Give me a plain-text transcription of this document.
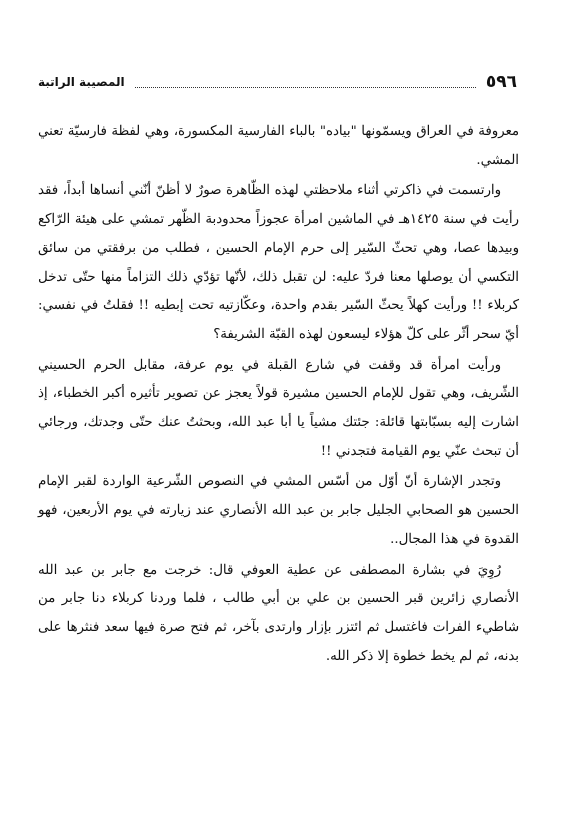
٥٩٦
المصيبة الراتبة

معروفة في العراق ويسمّونها "بياده" بالباء الفارسية المكسورة، وهي لفظة فارسيّة تعني المشي.

وارتسمت في ذاكرتي أثناء ملاحظتي لهذه الظّاهرة صورٌ لا أظنّ أنّني أنساها أبداً، فقد رأيت في سنة ١٤٢٥هـ في الماشين امرأة عجوزاً محدودبة الظّهر تمشي على هيئة الرّاكع وبيدها عصا، وهي تحثّ السّير إلى حرم الإمام الحسين ، فطلب من برفقتي من سائق التكسي أن يوصلها معنا فردّ عليه: لن تقبل ذلك، لأنّها تؤدّي ذلك التزاماً منها حتّى تدخل كربلاء !! ورأيت كهلاً يحثّ السّير بقدم واحدة، وعكّازتيه تحت إبطيه !! فقلتُ في نفسي: أيّ سحر أثّر على كلّ هؤلاء ليسعون لهذه القبّة الشريفة؟

ورأيت امرأة قد وقفت في شارع القبلة في يوم عرفة، مقابل الحرم الحسيني الشّريف، وهي تقول للإمام الحسين مشيرة قولاً يعجز عن تصوير تأثيره أكبر الخطباء، إذ اشارت إليه بسبّابتها قائلة: جئتك مشياً يا أبا عبد الله، وبحثتُ عنك حتّى وجدتك، ورجائي أن تبحث عنّي يوم القيامة فتجدني !!

وتجدر الإشارة أنّ أوّل من أسّس المشي في النصوص الشّرعية الواردة لقبر الإمام الحسين هو الصحابي الجليل جابر بن عبد الله الأنصاري عند زيارته في يوم الأربعين، فهو القدوة في هذا المجال..

رُوِيَ في بشارة المصطفى عن عطية العوفي قال: خرجت مع جابر بن عبد الله الأنصاري زائرين قبر الحسين بن علي بن أبي طالب ، فلما وردنا كربلاء دنا جابر من شاطيء الفرات فاغتسل ثم ائتزر بإزار وارتدى بآخر، ثم فتح صرة فيها سعد فنثرها على بدنه، ثم لم يخط خطوة إلا ذكر الله.
